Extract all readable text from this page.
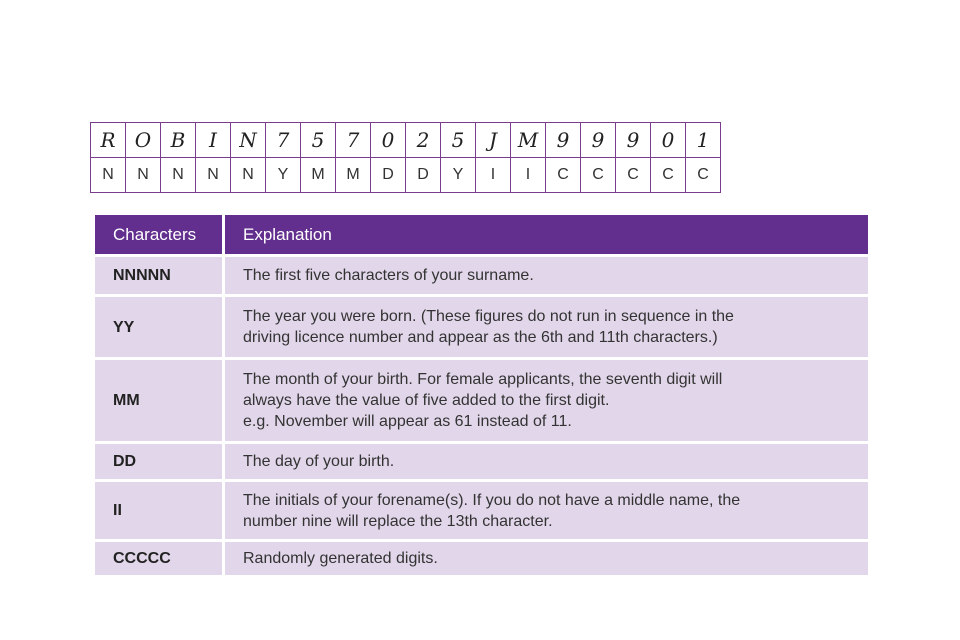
R	O	B	I	N	7	5	7	0	2	5	J	M	9	9	9	0	1
N	N	N	N	N	Y	M	M	D	D	Y	I	I	C	C	C	C	C
Characters	Explanation
NNNNN	The first five characters of your surname.

YY	The year you were born. (These figures do not run in sequence in the
driving licence number and appear as the 6th and 11th characters.)

MM	The month of your birth. For female applicants, the seventh digit will
always have the value of five added to the first digit.
e.g. November will appear as 61 instead of 11.

DD	The day of your birth.

II	The initials of your forename(s). If you do not have a middle name, the
number nine will replace the 13th character.

CCCCC	Randomly generated digits.
